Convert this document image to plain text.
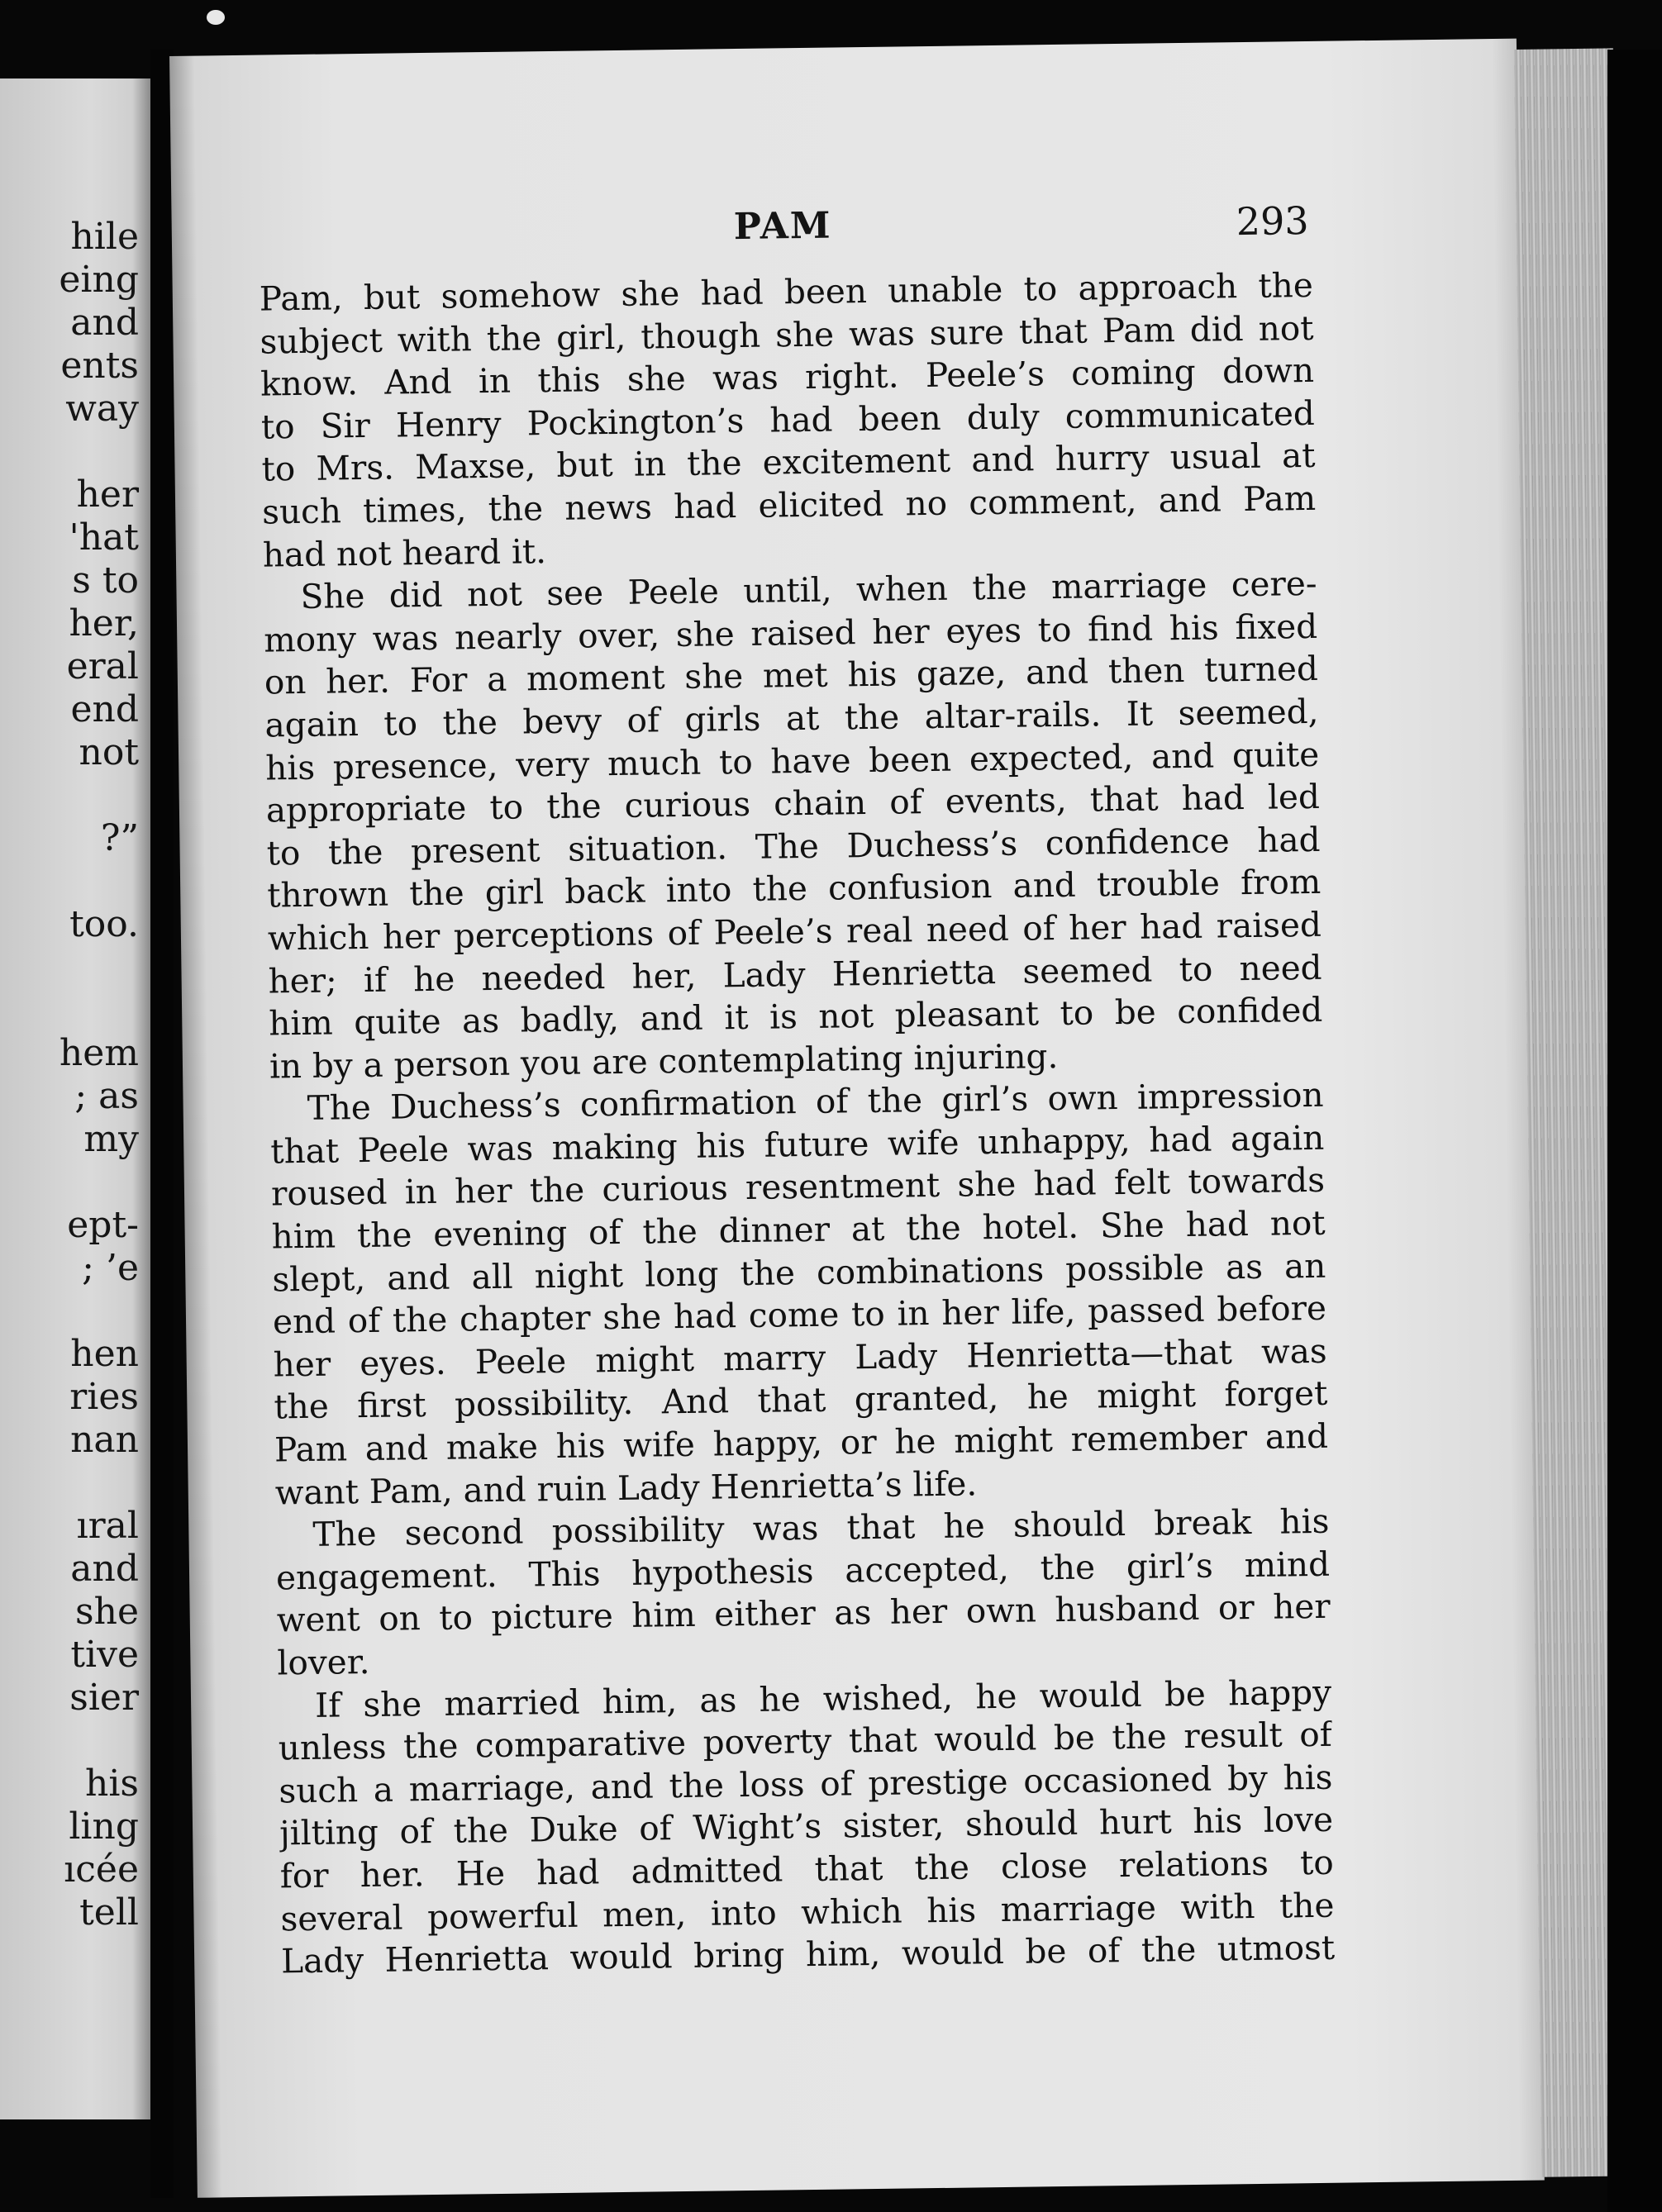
hile
eing
and
ents
way
her
'hat
s to
her,
eral
end
not
?”
too.
hem
; as
my
ept-
; ’e
hen
ries
nan
ıral
and
she
tive
sier
his
ling
ıcée
tell
PAM	293
Pam, but somehow she had been unable to approach the
subject with the girl, though she was sure that Pam did not
know. And in this she was right. Peele’s coming down
to Sir Henry Pockington’s had been duly communicated
to Mrs. Maxse, but in the excitement and hurry usual at
such times, the news had elicited no comment, and Pam
had not heard it.
She did not see Peele until, when the marriage cere-
mony was nearly over, she raised her eyes to find his fixed
on her. For a moment she met his gaze, and then turned
again to the bevy of girls at the altar-rails. It seemed,
his presence, very much to have been expected, and quite
appropriate to the curious chain of events, that had led
to the present situation. The Duchess’s confidence had
thrown the girl back into the confusion and trouble from
which her perceptions of Peele’s real need of her had raised
her; if he needed her, Lady Henrietta seemed to need
him quite as badly, and it is not pleasant to be confided
in by a person you are contemplating injuring.
The Duchess’s confirmation of the girl’s own impression
that Peele was making his future wife unhappy, had again
roused in her the curious resentment she had felt towards
him the evening of the dinner at the hotel. She had not
slept, and all night long the combinations possible as an
end of the chapter she had come to in her life, passed before
her eyes. Peele might marry Lady Henrietta—that was
the first possibility. And that granted, he might forget
Pam and make his wife happy, or he might remember and
want Pam, and ruin Lady Henrietta’s life.
The second possibility was that he should break his
engagement. This hypothesis accepted, the girl’s mind
went on to picture him either as her own husband or her
lover.
If she married him, as he wished, he would be happy
unless the comparative poverty that would be the result of
such a marriage, and the loss of prestige occasioned by his
jilting of the Duke of Wight’s sister, should hurt his love
for her. He had admitted that the close relations to
several powerful men, into which his marriage with the
Lady Henrietta would bring him, would be of the utmost
